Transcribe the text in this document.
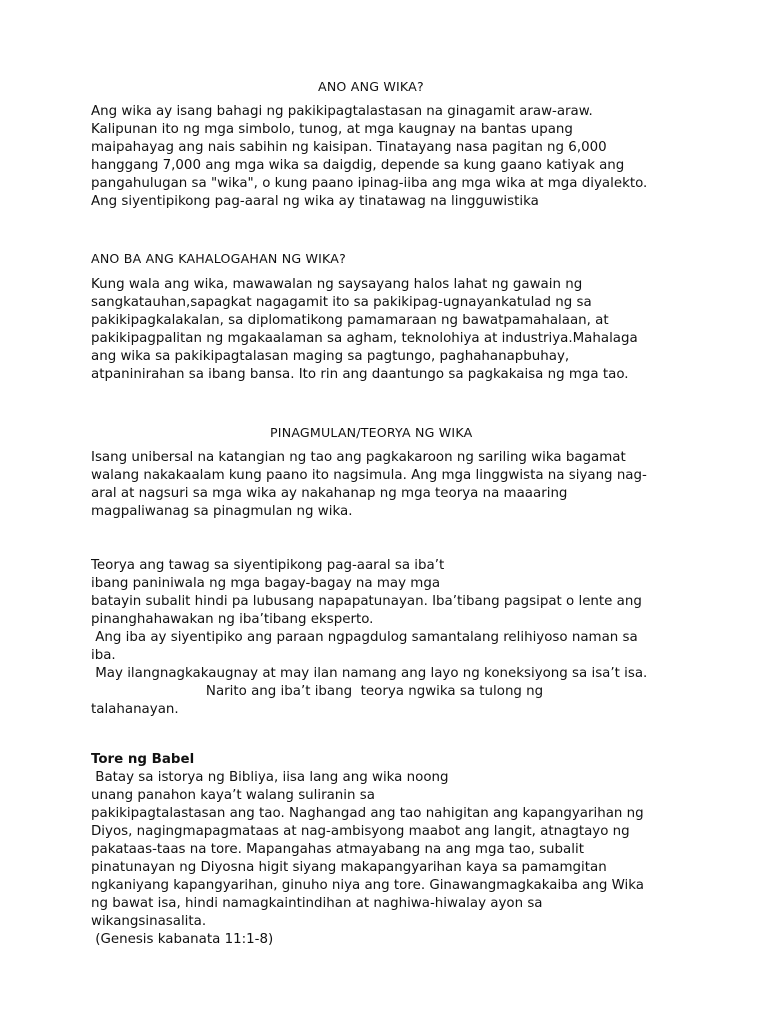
ANO ANG WIKA?
Ang wika ay isang bahagi ng pakikipagtalastasan na ginagamit araw-araw.
Kalipunan ito ng mga simbolo, tunog, at mga kaugnay na bantas upang
maipahayag ang nais sabihin ng kaisipan. Tinatayang nasa pagitan ng 6,000
hanggang 7,000 ang mga wika sa daigdig, depende sa kung gaano katiyak ang
pangahulugan sa "wika", o kung paano ipinag-iiba ang mga wika at mga diyalekto.
Ang siyentipikong pag-aaral ng wika ay tinatawag na lingguwistika
ANO BA ANG KAHALOGAHAN NG WIKA?
Kung wala ang wika, mawawalan ng saysayang halos lahat ng gawain ng
sangkatauhan,sapagkat nagagamit ito sa pakikipag-ugnayankatulad ng sa
pakikipagkalakalan, sa diplomatikong pamamaraan ng bawatpamahalaan, at
pakikipagpalitan ng mgakaalaman sa agham, teknolohiya at industriya.Mahalaga
ang wika sa pakikipagtalasan maging sa pagtungo, paghahanapbuhay,
atpaninirahan sa ibang bansa. Ito rin ang daantungo sa pagkakaisa ng mga tao.
PINAGMULAN/TEORYA NG WIKA
Isang unibersal na katangian ng tao ang pagkakaroon ng sariling wika bagamat
walang nakakaalam kung paano ito nagsimula. Ang mga linggwista na siyang nag-
aral at nagsuri sa mga wika ay nakahanap ng mga teorya na maaaring
magpaliwanag sa pinagmulan ng wika.
Teorya ang tawag sa siyentipikong pag-aaral sa iba’t
ibang paniniwala ng mga bagay-bagay na may mga
batayin subalit hindi pa lubusang napapatunayan. Iba’tibang pagsipat o lente ang
pinanghahawakan ng iba’tibang eksperto.
Ang iba ay siyentipiko ang paraan ngpagdulog samantalang relihiyoso naman sa
iba.
May ilangnagkakaugnay at may ilan namang ang layo ng koneksiyong sa isa’t isa.
Narito ang iba’t ibang  teorya ngwika sa tulong ng
talahanayan.
Tore ng Babel
Batay sa istorya ng Bibliya, iisa lang ang wika noong
unang panahon kaya’t walang suliranin sa
pakikipagtalastasan ang tao. Naghangad ang tao nahigitan ang kapangyarihan ng
Diyos, nagingmapagmataas at nag-ambisyong maabot ang langit, atnagtayo ng
pakataas-taas na tore. Mapangahas atmayabang na ang mga tao, subalit
pinatunayan ng Diyosna higit siyang makapangyarihan kaya sa pamamgitan
ngkaniyang kapangyarihan, ginuho niya ang tore. Ginawangmagkakaiba ang Wika
ng bawat isa, hindi namagkaintindihan at naghiwa-hiwalay ayon sa
wikangsinasalita.
(Genesis kabanata 11:1-8)
